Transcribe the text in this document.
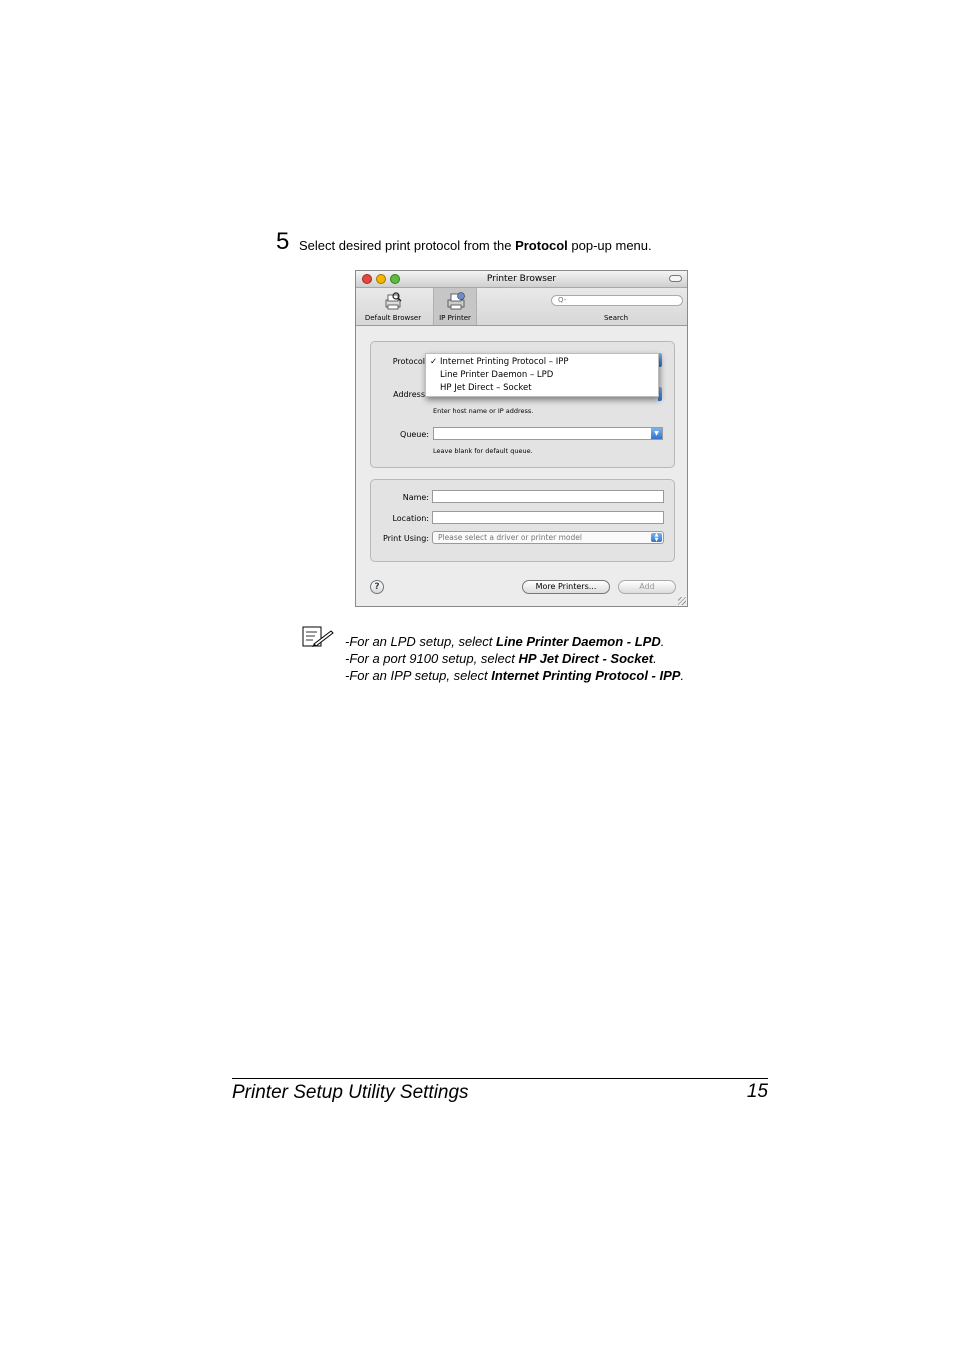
5 Select desired print protocol from the Protocol pop-up menu.
Printer Browser
Default Browser	IP Printer
Q-
Search
Protocol
Address
Enter host name or IP address.
✓ Internet Printing Protocol – IPP
Line Printer Daemon – LPD
HP Jet Direct – Socket
Queue:	▼
Leave blank for default queue.
Name:
Location:
Print Using:	Please select a driver or printer model	▲
▼
?	More Printers...	Add
-For an LPD setup, select Line Printer Daemon - LPD.
-For a port 9100 setup, select HP Jet Direct - Socket.
-For an IPP setup, select Internet Printing Protocol - IPP.
Printer Setup Utility Settings	15
